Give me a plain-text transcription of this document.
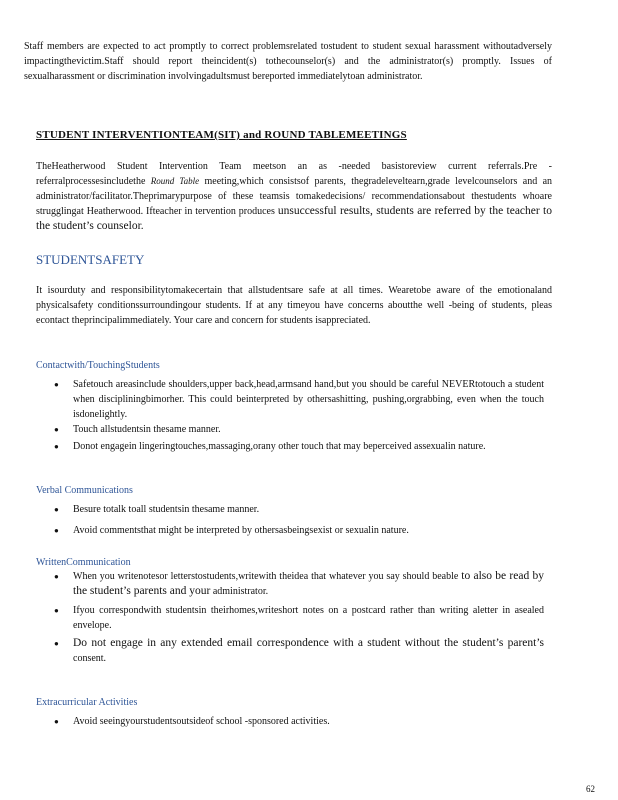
Staff members are expected to act promptly to correct problemsrelated tostudent to student sexual harassment withoutadversely impactingthevictim.Staff should report theincident(s) tothecounselor(s) and the administrator(s) promptly. Issues of sexualharassment or discrimination involvingadultsmust bereported immediatelytoan administrator.

STUDENT INTERVENTIONTEAM(SIT) and ROUND TABLEMEETINGS

TheHeatherwood Student Intervention Team meetson an as -needed basistoreview current referrals.Pre - referralprocessesincludethe Round Table meeting,which consistsof parents, thegradeleveltearn,grade levelcounselors and an administrator/facilitator.Theprimarypurpose of these teamsis tomakedecisions/ recommendationsabout thestudents whoare strugglingat Heatherwood. Ifteacher in tervention produces unsuccessful results, students are referred by the teacher to the student’s counselor.

STUDENTSAFETY

It isourduty and responsibilitytomakecertain that allstudentsare safe at all times. Wearetobe aware of the emotionaland physicalsafety conditionssurroundingour students. If at any timeyou have concerns aboutthe well -being of students, pleas econtact theprincipalimmediately. Your care and concern for students isappreciated.

Contactwith/TouchingStudents
● Safetouch areasinclude shoulders,upper back,head,armsand hand,but you should be careful NEVERtotouch a student when discipliningbimorher. This could beinterpreted by othersashitting, pushing,orgrabbing, even when the touch isdonelightly.
● Touch allstudentsin thesame manner.
● Donot engagein lingeringtouches,massaging,orany other touch that may beperceived assexualin nature.
Verbal Communications
● Besure totalk toall studentsin thesame manner.
● Avoid commentsthat might be interpreted by othersasbeingsexist or sexualin nature.
WrittenCommunication
● When you writenotesor letterstostudents,writewith theidea that whatever you say should beable to also be read by the student’s parents and your administrator.
● Ifyou correspondwith studentsin theirhomes,writeshort notes on a postcard rather than writing aletter in asealed envelope.
● Do not engage in any extended email correspondence with a student without the student’s parent’s consent.
Extracurricular Activities
● Avoid seeingyourstudentsoutsideof school -sponsored activities.
62
